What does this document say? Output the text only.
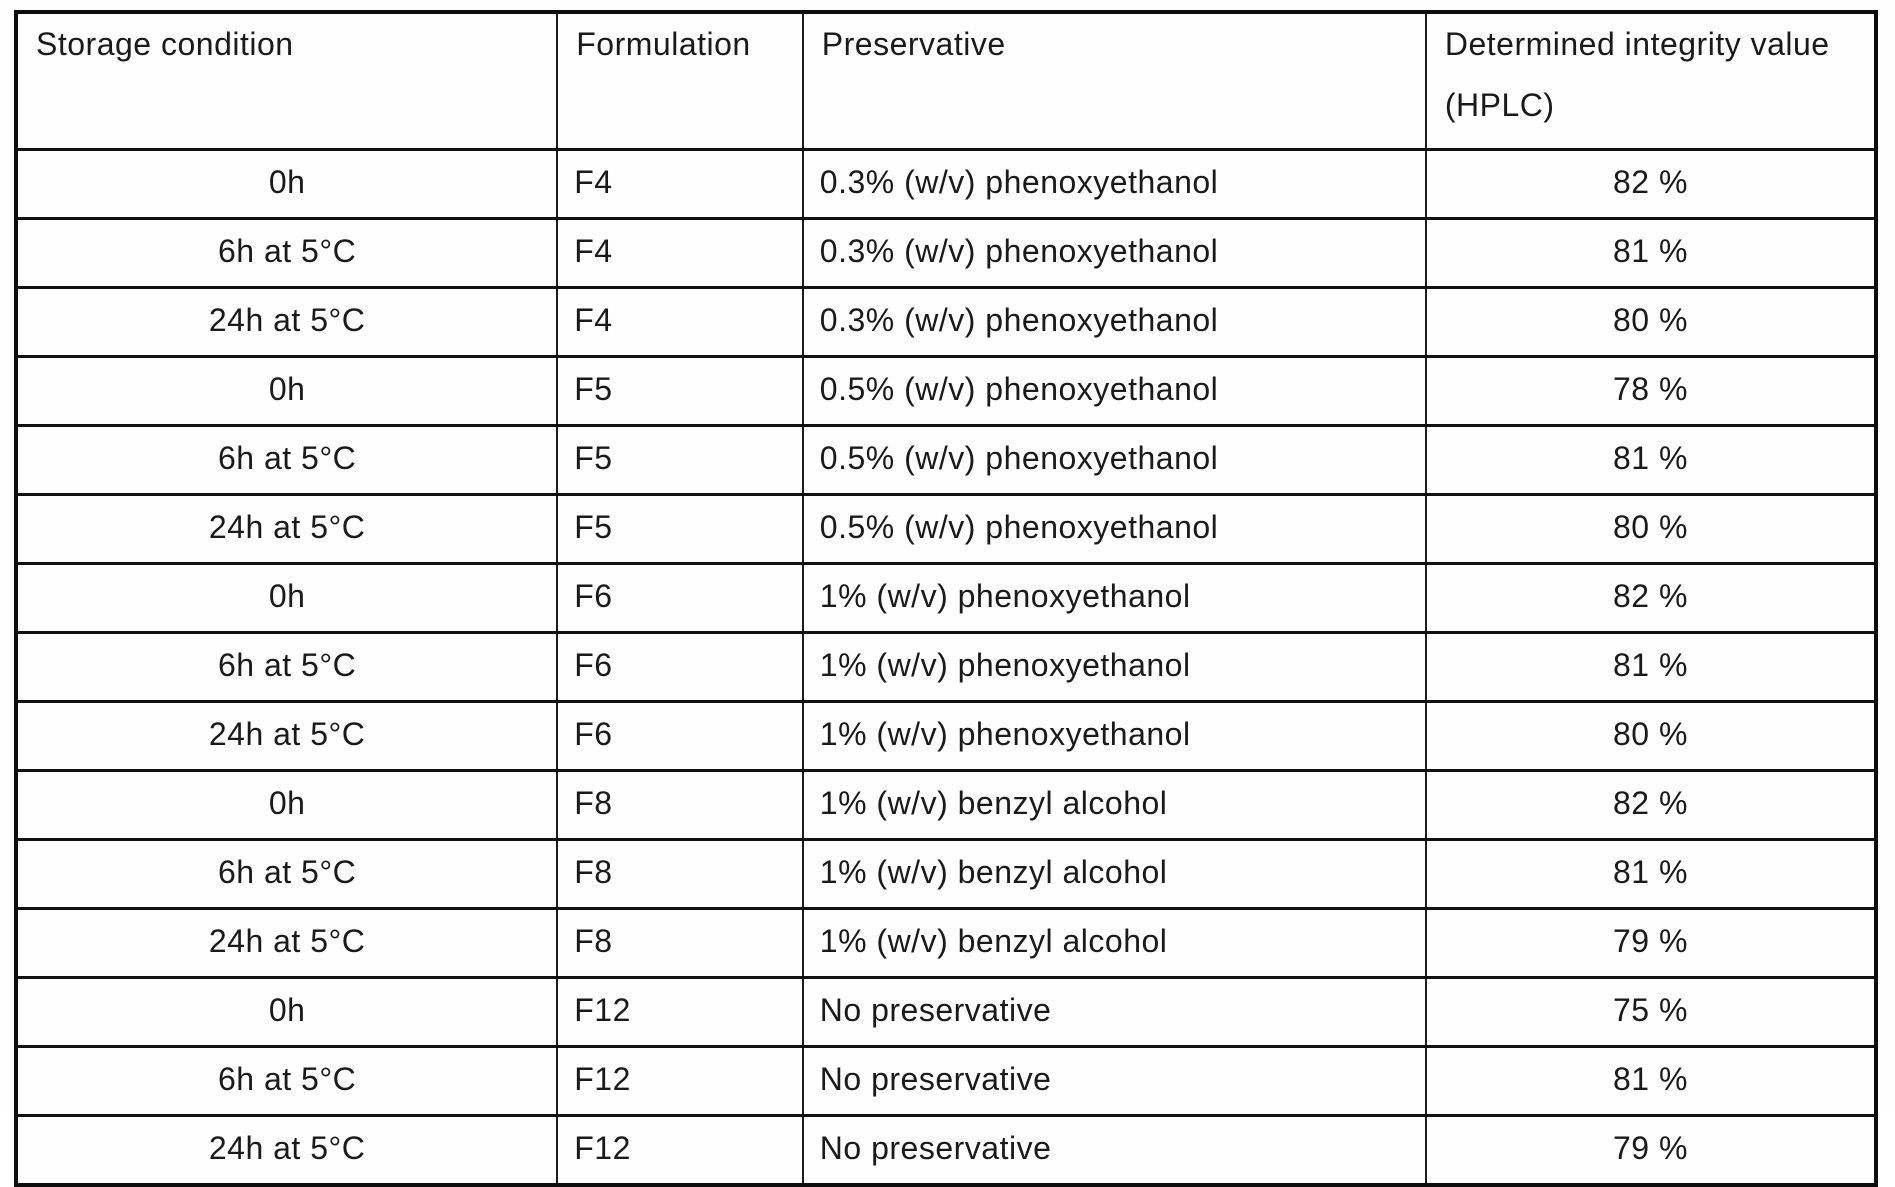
Storage condition	Formulation	Preservative	Determined integrity value
(HPLC)

0h	F4	0.3% (w/v) phenoxyethanol	82 %
6h at 5°C	F4	0.3% (w/v) phenoxyethanol	81 %
24h at 5°C	F4	0.3% (w/v) phenoxyethanol	80 %
0h	F5	0.5% (w/v) phenoxyethanol	78 %
6h at 5°C	F5	0.5% (w/v) phenoxyethanol	81 %
24h at 5°C	F5	0.5% (w/v) phenoxyethanol	80 %
0h	F6	1% (w/v) phenoxyethanol	82 %
6h at 5°C	F6	1% (w/v) phenoxyethanol	81 %
24h at 5°C	F6	1% (w/v) phenoxyethanol	80 %
0h	F8	1% (w/v) benzyl alcohol	82 %
6h at 5°C	F8	1% (w/v) benzyl alcohol	81 %
24h at 5°C	F8	1% (w/v) benzyl alcohol	79 %
0h	F12	No preservative	75 %
6h at 5°C	F12	No preservative	81 %
24h at 5°C	F12	No preservative	79 %
